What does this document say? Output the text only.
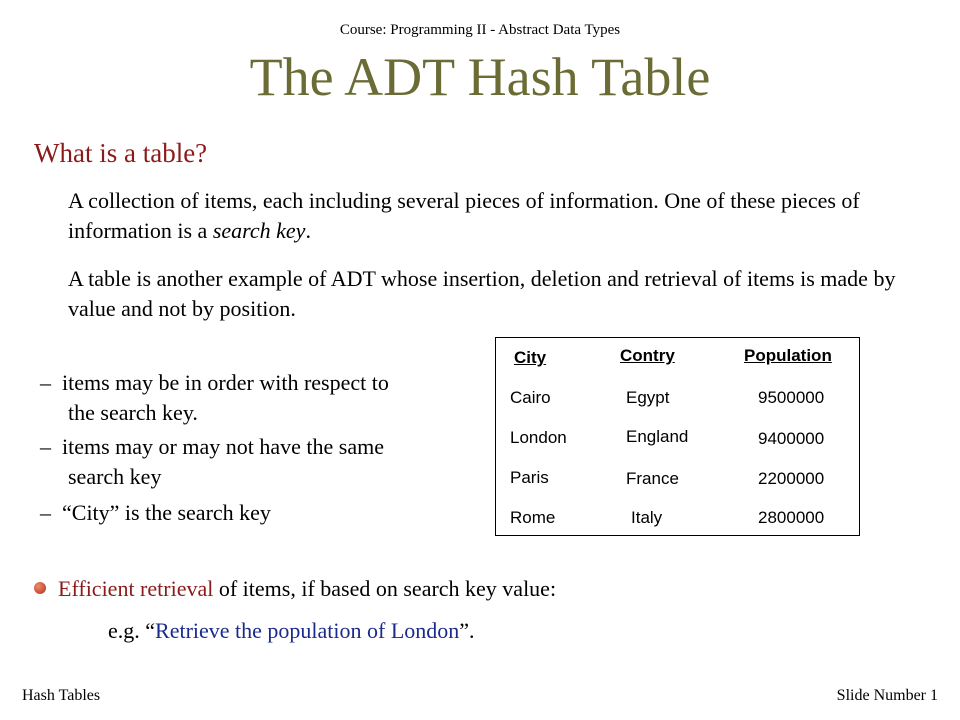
Course: Programming II - Abstract Data Types
The ADT Hash Table
What is a table?
A collection of items, each including several pieces of information. One of these pieces of information is a search key.
A table is another example of ADT whose insertion, deletion and retrieval of items is made by value and not by position.
– items may be in order with respect to
the search key.
– items may or may not have the same
search key
– “City” is the search key
City	Contry	Population
Cairo	Egypt	9500000
London	England	9400000
Paris	France	2200000
Rome	Italy	2800000
Efficient retrieval of items, if based on search key value:
e.g. “Retrieve the population of London”.
Hash Tables	Slide Number 1
